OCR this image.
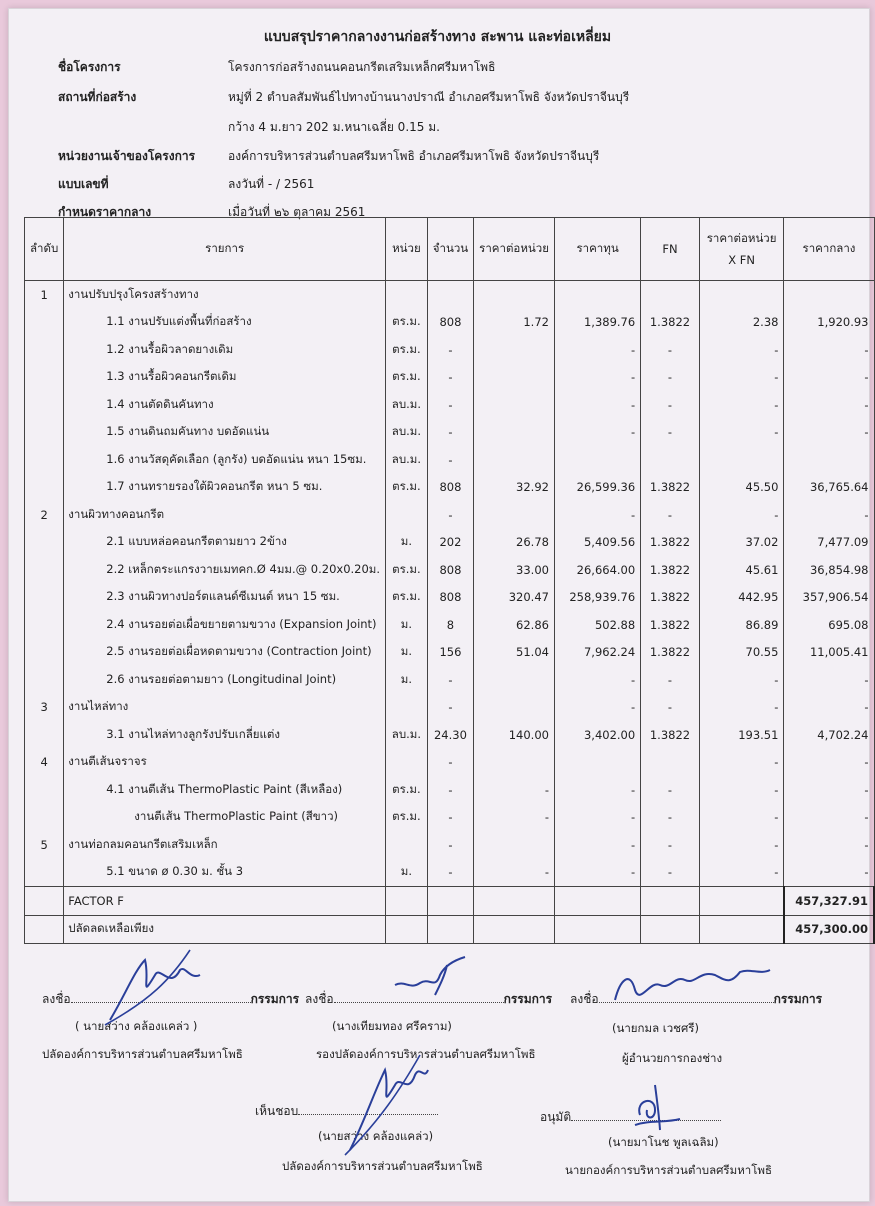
แบบสรุปราคากลางงานก่อสร้างทาง สะพาน และท่อเหลี่ยม
ชื่อโครงการ	โครงการก่อสร้างถนนคอนกรีตเสริมเหล็กศรีมหาโพธิ
สถานที่ก่อสร้าง	หมู่ที่ 2 ตำบลสัมพันธ์ไปทางบ้านนางปราณี อำเภอศรีมหาโพธิ จังหวัดปราจีนบุรี
กว้าง 4 ม.ยาว 202 ม.หนาเฉลี่ย 0.15 ม.
หน่วยงานเจ้าของโครงการ	องค์การบริหารส่วนตำบลศรีมหาโพธิ อำเภอศรีมหาโพธิ จังหวัดปราจีนบุรี
แบบเลขที่	ลงวันที่ - / 2561
กำหนดราคากลาง	เมื่อวันที่ ๒๖ ตุลาคม 2561
ลำดับ	รายการ	หน่วย	จำนวน	ราคาต่อหน่วย	ราคาทุน	FN	ราคาต่อหน่วย X FN	ราคากลาง
1	งานปรับปรุงโครงสร้างทาง							
	1.1 งานปรับแต่งพื้นที่ก่อสร้าง	ตร.ม.	808	1.72	1,389.76	1.3822	2.38	1,920.93
	1.2 งานรื้อผิวลาดยางเดิม	ตร.ม.	-		-	-	-	-
	1.3 งานรื้อผิวคอนกรีตเดิม	ตร.ม.	-		-	-	-	-
	1.4 งานตัดดินคันทาง	ลบ.ม.	-		-	-	-	-
	1.5 งานดินถมคันทาง บดอัดแน่น	ลบ.ม.	-		-	-	-	-
	1.6 งานวัสดุคัดเลือก (ลูกรัง) บดอัดแน่น หนา 15ซม.	ลบ.ม.	-					
	1.7 งานทรายรองใต้ผิวคอนกรีต หนา 5 ซม.	ตร.ม.	808	32.92	26,599.36	1.3822	45.50	36,765.64
2	งานผิวทางคอนกรีต		-		-	-	-	-
	2.1 แบบหล่อคอนกรีตตามยาว 2ข้าง	ม.	202	26.78	5,409.56	1.3822	37.02	7,477.09
	2.2 เหล็กตระแกรงวายเมทคก.Ø 4มม.@ 0.20x0.20ม.	ตร.ม.	808	33.00	26,664.00	1.3822	45.61	36,854.98
	2.3 งานผิวทางปอร์ตแลนด์ซีเมนต์ หนา 15 ซม.	ตร.ม.	808	320.47	258,939.76	1.3822	442.95	357,906.54
	2.4 งานรอยต่อเผื่อขยายตามขวาง (Expansion Joint)	ม.	8	62.86	502.88	1.3822	86.89	695.08
	2.5 งานรอยต่อเผื่อหดตามขวาง (Contraction Joint)	ม.	156	51.04	7,962.24	1.3822	70.55	11,005.41
	2.6 งานรอยต่อตามยาว (Longitudinal Joint)	ม.	-		-	-	-	-
3	งานไหล่ทาง		-		-	-	-	-
	3.1 งานไหล่ทางลูกรังปรับเกลี่ยแต่ง	ลบ.ม.	24.30	140.00	3,402.00	1.3822	193.51	4,702.24
4	งานตีเส้นจราจร		-				-	-
	4.1 งานตีเส้น ThermoPlastic Paint (สีเหลือง)	ตร.ม.	-	-	-	-	-	-
	งานตีเส้น ThermoPlastic Paint (สีขาว)	ตร.ม.	-	-	-	-	-	-
5	งานท่อกลมคอนกรีตเสริมเหล็ก		-		-	-	-	-
	5.1 ขนาด ø 0.30 ม. ชั้น 3	ม.	-	-	-	-	-	-
	FACTOR F							457,327.91
	ปลัดลดเหลือเพียง							457,300.00
ลงชื่อ	กรรมการ ลงชื่อ	กรรมการ ลงชื่อ	กรรมการ
( นายสว่าง คล้องแคล่ว )
ปลัดองค์การบริหารส่วนตำบลศรีมหาโพธิ
(นางเทียมทอง ศรีคราม)
รองปลัดองค์การบริหารส่วนตำบลศรีมหาโพธิ
(นายกมล เวชศรี)
ผู้อำนวยการกองช่าง
เห็นชอบ	อนุมัติ
(นายสว่าง คล้องแคล่ว)
ปลัดองค์การบริหารส่วนตำบลศรีมหาโพธิ
(นายมาโนช พูลเฉลิม)
นายกองค์การบริหารส่วนตำบลศรีมหาโพธิ
